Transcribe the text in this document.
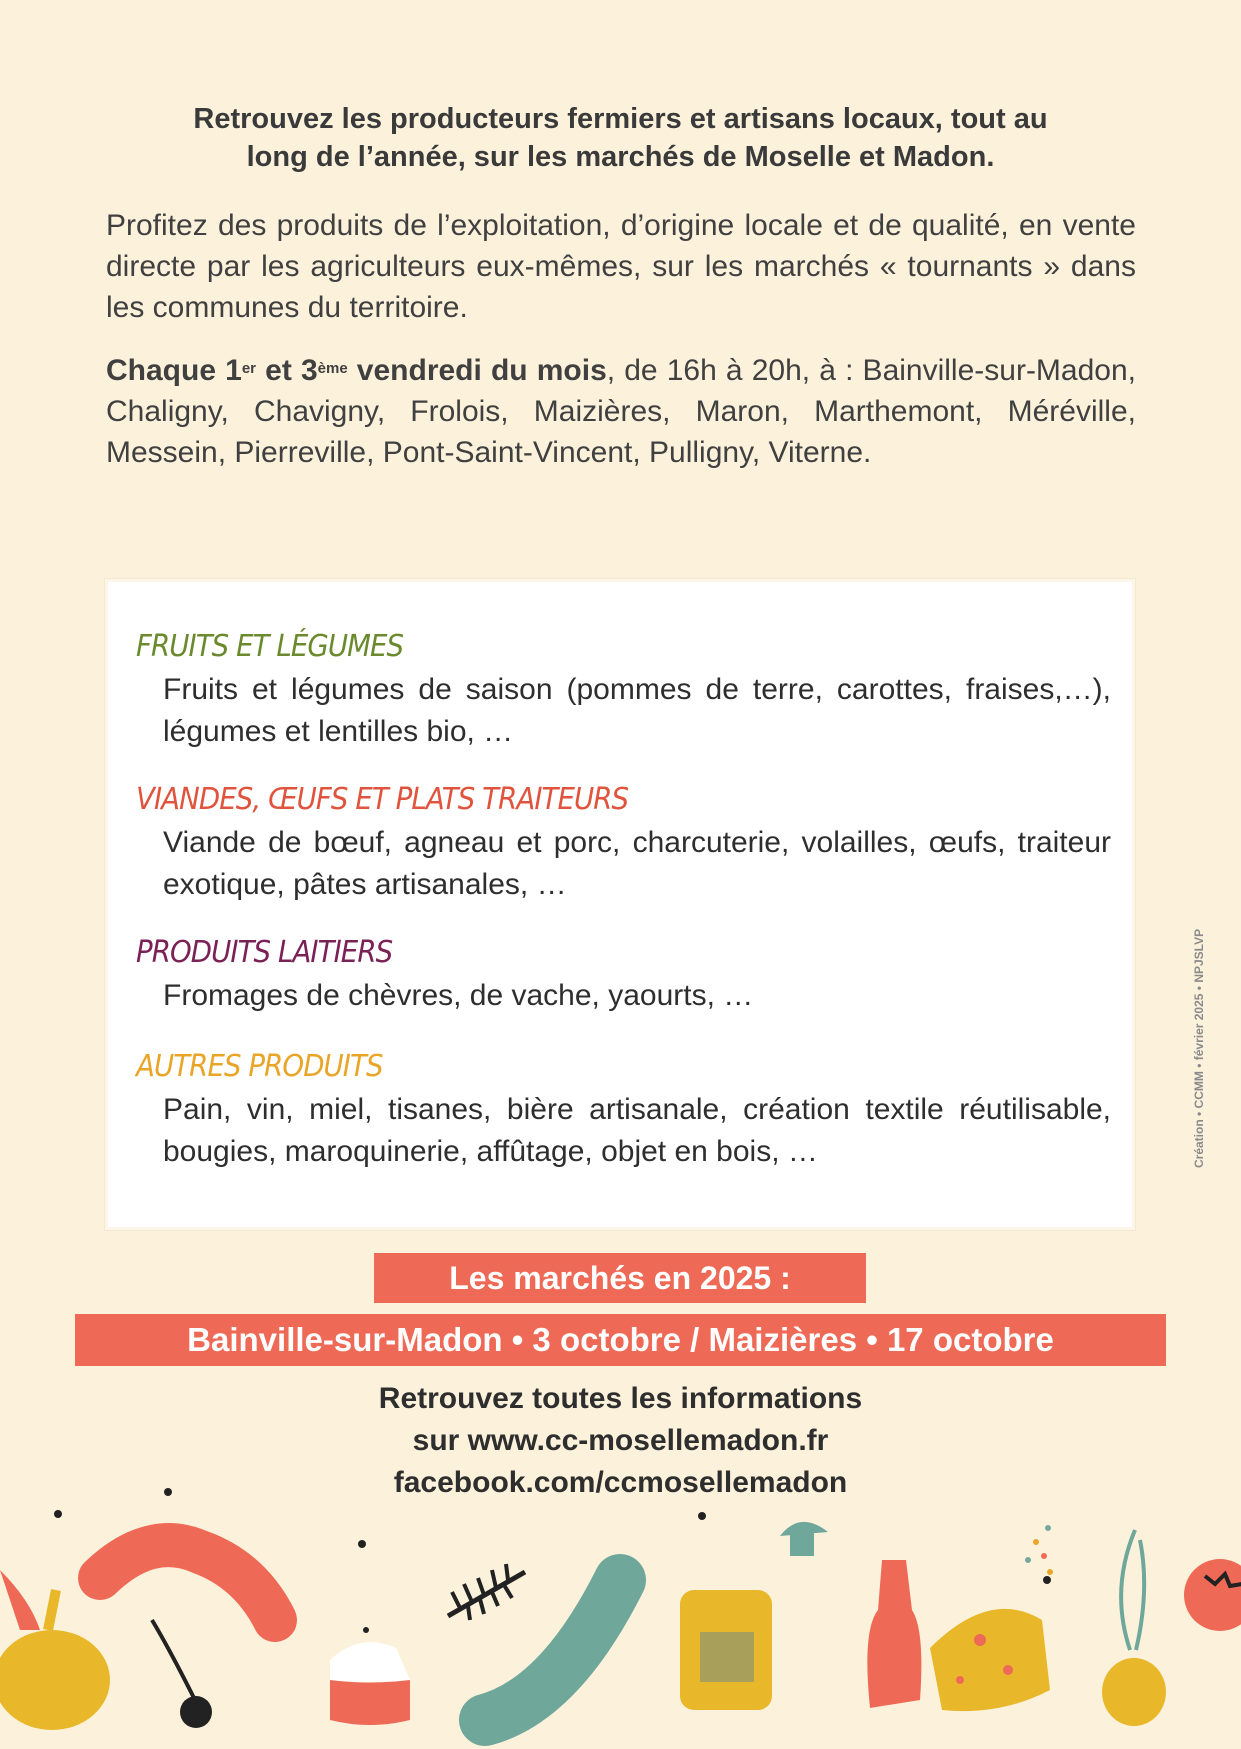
Retrouvez les producteurs fermiers et artisans locaux, tout au
long de l’année, sur les marchés de Moselle et Madon.
Profitez des produits de l’exploitation, d’origine locale et de qualité, en vente directe par les agriculteurs eux-mêmes, sur les marchés « tournants » dans les communes du territoire.
Chaque 1er et 3ème vendredi du mois, de 16h à 20h, à : Bainville-sur-Madon, Chaligny, Chavigny, Frolois, Maizières, Maron, Marthemont, Méréville, Messein, Pierreville, Pont-Saint-Vincent, Pulligny, Viterne.
FRUITS ET LÉGUMES
Fruits et légumes de saison (pommes de terre, carottes, fraises,…), légumes et lentilles bio, …
VIANDES, ŒUFS ET PLATS TRAITEURS
Viande de bœuf, agneau et porc, charcuterie, volailles, œufs, traiteur exotique, pâtes artisanales, …
PRODUITS LAITIERS
Fromages de chèvres, de vache, yaourts, …
AUTRES PRODUITS
Pain, vin, miel, tisanes, bière artisanale, création textile réutilisable, bougies, maroquinerie, affûtage, objet en bois, …	Création • CCMM • février 2025 • NPJSLVP
Les marchés en 2025 :
Bainville-sur-Madon • 3 octobre / Maizières • 17 octobre
Retrouvez toutes les informations
sur www.cc-mosellemadon.fr
facebook.com/ccmosellemadon
